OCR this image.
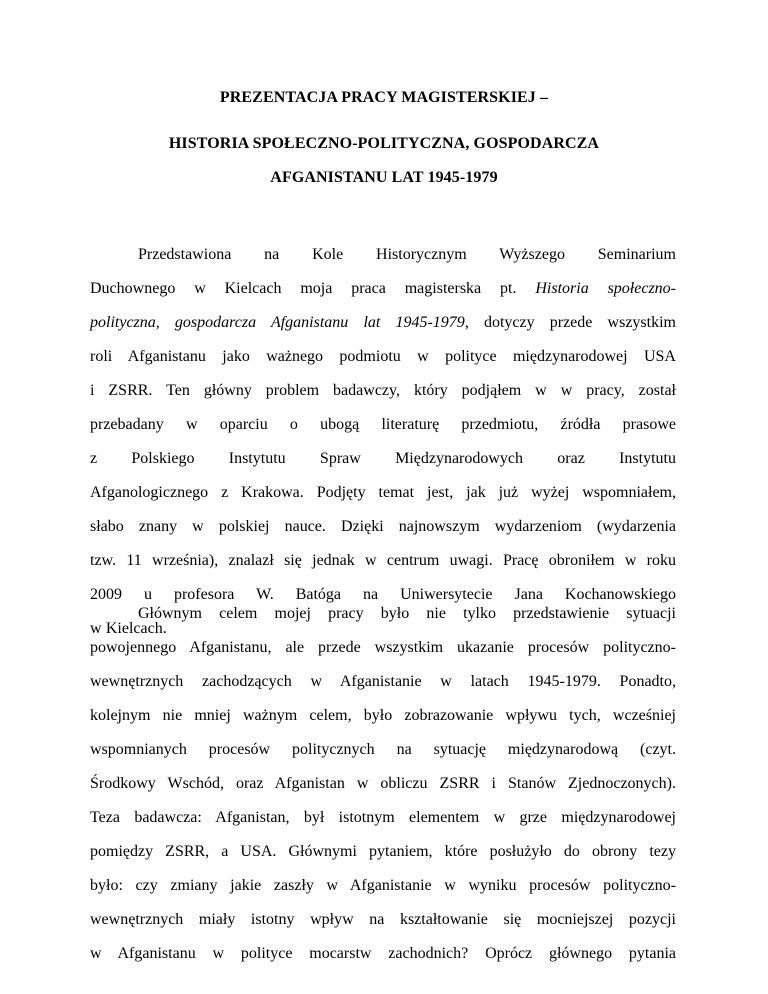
PREZENTACJA PRACY MAGISTERSKIEJ –
HISTORIA SPOŁECZNO-POLITYCZNA, GOSPODARCZA
AFGANISTANU LAT 1945-1979
Przedstawiona na Kole Historycznym Wyższego Seminarium
Duchownego w Kielcach moja praca magisterska pt. Historia społeczno-
polityczna, gospodarcza Afganistanu lat 1945-1979, dotyczy przede wszystkim
roli Afganistanu jako ważnego podmiotu w polityce międzynarodowej USA
i ZSRR. Ten główny problem badawczy, który podjąłem w w pracy, został
przebadany w oparciu o ubogą literaturę przedmiotu, źródła prasowe
z Polskiego Instytutu Spraw Międzynarodowych oraz Instytutu
Afganologicznego z Krakowa. Podjęty temat jest, jak już wyżej wspomniałem,
słabo znany w polskiej nauce. Dzięki najnowszym wydarzeniom (wydarzenia
tzw. 11 września), znalazł się jednak w centrum uwagi. Pracę obroniłem w roku
2009 u profesora W. Batóga na Uniwersytecie Jana Kochanowskiego
w Kielcach.
Głównym celem mojej pracy było nie tylko przedstawienie sytuacji
powojennego Afganistanu, ale przede wszystkim ukazanie procesów polityczno-
wewnętrznych zachodzących w Afganistanie w latach 1945-1979. Ponadto,
kolejnym nie mniej ważnym celem, było zobrazowanie wpływu tych, wcześniej
wspomnianych procesów politycznych na sytuację międzynarodową (czyt.
Środkowy Wschód, oraz Afganistan w obliczu ZSRR i Stanów Zjednoczonych).
Teza badawcza: Afganistan, był istotnym elementem w grze międzynarodowej
pomiędzy ZSRR, a USA. Głównymi pytaniem, które posłużyło do obrony tezy
było: czy zmiany jakie zaszły w Afganistanie w wyniku procesów polityczno-
wewnętrznych miały istotny wpływ na kształtowanie się mocniejszej pozycji
w Afganistanu w polityce mocarstw zachodnich? Oprócz głównego pytania
